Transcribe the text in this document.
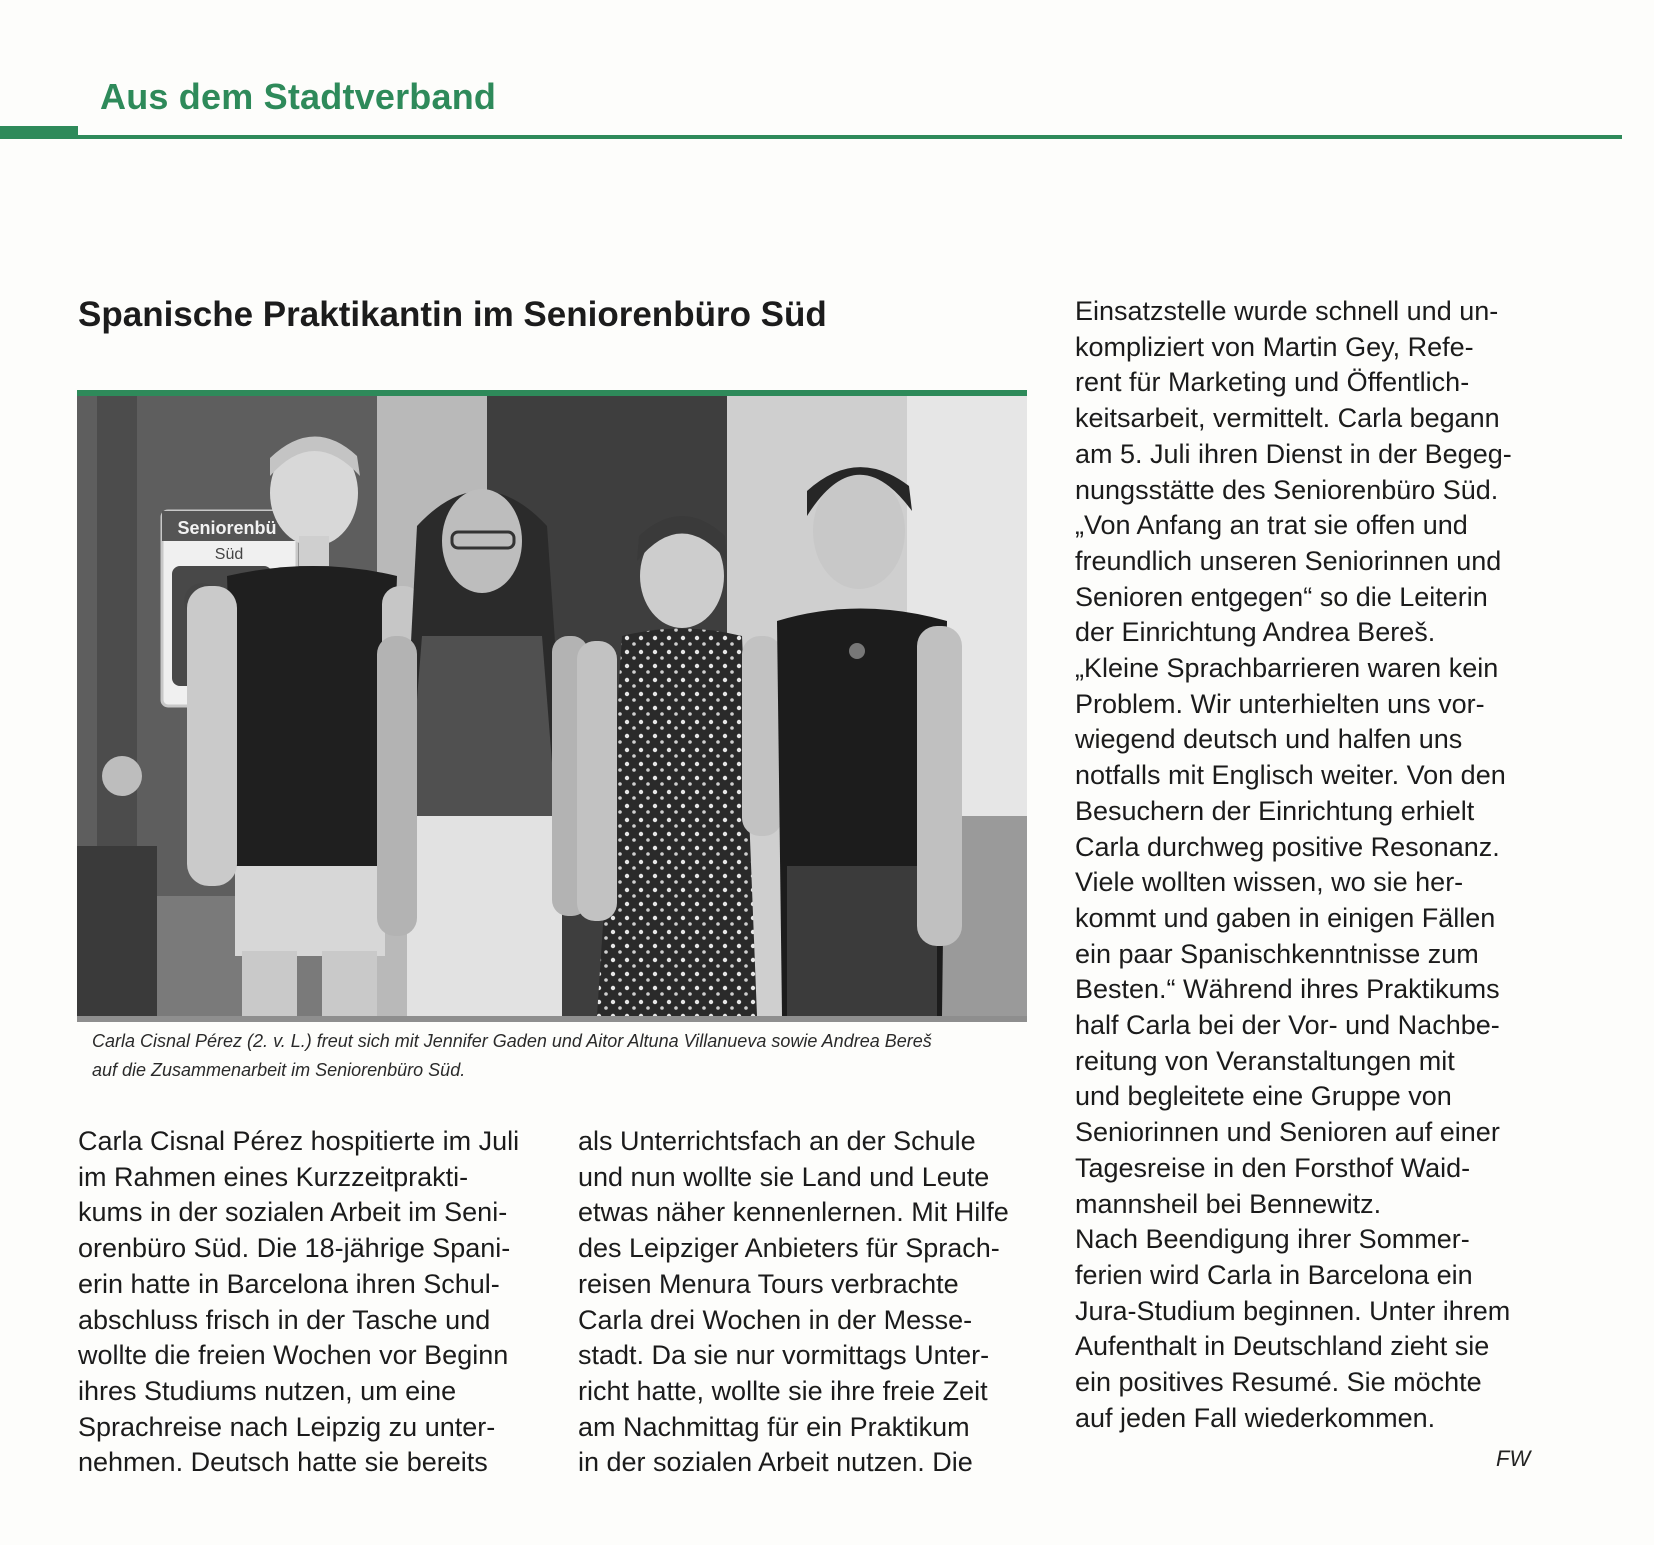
Aus dem Stadtverband
Spanische Praktikantin im Seniorenbüro Süd
Seniorenbü
Süd

Carla Cisnal Pérez (2. v. L.) freut sich mit Jennifer Gaden und Aitor Altuna Villanueva sowie Andrea Bereš
auf die Zusammenarbeit im Seniorenbüro Süd.

Carla Cisnal Pérez hospitierte im Juli
im Rahmen eines Kurzzeitprakti-
kums in der sozialen Arbeit im Seni-
orenbüro Süd. Die 18-jährige Spani-
erin hatte in Barcelona ihren Schul-
abschluss frisch in der Tasche und
wollte die freien Wochen vor Beginn
ihres Studiums nutzen, um eine
Sprachreise nach Leipzig zu unter-
nehmen. Deutsch hatte sie bereits
als Unterrichtsfach an der Schule
und nun wollte sie Land und Leute
etwas näher kennenlernen. Mit Hilfe
des Leipziger Anbieters für Sprach-
reisen Menura Tours verbrachte
Carla drei Wochen in der Messe-
stadt. Da sie nur vormittags Unter-
richt hatte, wollte sie ihre freie Zeit
am Nachmittag für ein Praktikum
in der sozialen Arbeit nutzen. Die
Einsatzstelle wurde schnell und un-
kompliziert von Martin Gey, Refe-
rent für Marketing und Öffentlich-
keitsarbeit, vermittelt. Carla begann
am 5. Juli ihren Dienst in der Begeg-
nungsstätte des Seniorenbüro Süd.
„Von Anfang an trat sie offen und
freundlich unseren Seniorinnen und
Senioren entgegen“ so die Leiterin
der Einrichtung Andrea Bereš.
„Kleine Sprachbarrieren waren kein
Problem. Wir unterhielten uns vor-
wiegend deutsch und halfen uns
notfalls mit Englisch weiter. Von den
Besuchern der Einrichtung erhielt
Carla durchweg positive Resonanz.
Viele wollten wissen, wo sie her-
kommt und gaben in einigen Fällen
ein paar Spanischkenntnisse zum
Besten.“ Während ihres Praktikums
half Carla bei der Vor- und Nachbe-
reitung von Veranstaltungen mit
und begleitete eine Gruppe von
Seniorinnen und Senioren auf einer
Tagesreise in den Forsthof Waid-
mannsheil bei Bennewitz.
Nach Beendigung ihrer Sommer-
ferien wird Carla in Barcelona ein
Jura-Studium beginnen. Unter ihrem
Aufenthalt in Deutschland zieht sie
ein positives Resumé. Sie möchte
auf jeden Fall wiederkommen.
FW
